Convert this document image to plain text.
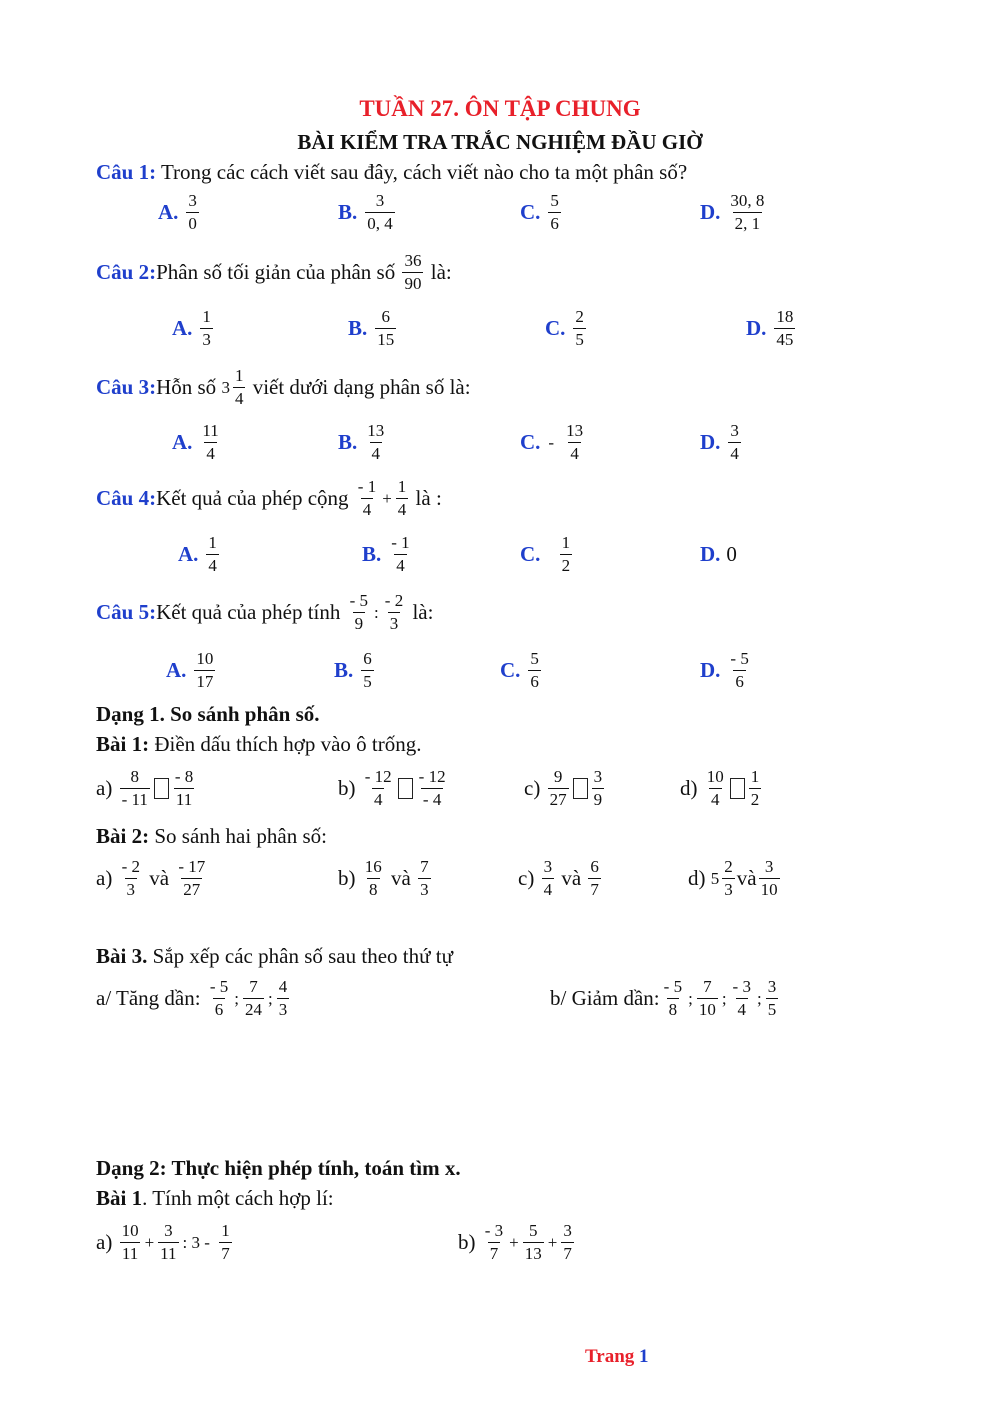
TUẦN 27. ÔN TẬP CHUNG
BÀI KIỂM TRA TRẮC NGHIỆM ĐẦU GIỜ
Câu 1: Trong các cách viết sau đây, cách viết nào cho ta một phân số?
A. $\frac{3}{0}$	B. $\frac{3}{0, 4}$	C. $\frac{5}{6}$	D. $\frac{30, 8}{2, 1}$
Câu 2: Phân số tối giản của phân số
$\frac{36}{90}$
là:
A. $\frac{1}{3}$	B. $\frac{6}{15}$	C. $\frac{2}{5}$	D. $\frac{18}{45}$
Câu 3: Hỗn số
$3 \frac{1}{4}$
viết dưới dạng phân số là:
A. $\frac{11}{4}$	B. $\frac{13}{4}$	C. - $\frac{13}{4}$	D. $\frac{3}{4}$
Câu 4: Kết quả của phép cộng
$\frac{- 1}{4} + \frac{1}{4}$
là :
A. $\frac{1}{4}$	B. $\frac{- 1}{4}$	C.
$\frac{1}{2}$	D. 0
Câu 5: Kết quả của phép tính
$\frac{- 5}{9}$ : $\frac{- 2}{3}$
là:
A. $\frac{10}{17}$	B. $\frac{6}{5}$	C. $\frac{5}{6}$	D. $\frac{- 5}{6}$
Dạng 1. So sánh phân số.
Bài 1: Điền dấu thích hợp vào ô trống.
a)
$\frac{8}{- 11} \frac{- 8}{11}$	b)
$\frac{- 12}{4} \frac{- 12}{- 4}$	c)
$\frac{9}{27} \frac{3}{9}$	d)
$\frac{10}{4} \frac{1}{2}$
Bài 2: So sánh hai phân số:
a)
$\frac{- 2}{3}$
và
$\frac{- 17}{27}$	b)
$\frac{16}{8}$
và
$\frac{7}{3}$	c)
$\frac{3}{4}$
và
$\frac{6}{7}$	d)
$5 \frac{2}{3}$ và $\frac{3}{10}$
Bài 3. Sắp xếp các phân số sau theo thứ tự
a/ Tăng dần:
$\frac{- 5}{6}$ ; $\frac{7}{24}$ ; $\frac{4}{3}$	b/ Giảm dần: $\frac{- 5}{8}$ ; $\frac{7}{10}$ ; $\frac{- 3}{4}$ ; $\frac{3}{5}$
Dạng 2: Thực hiện phép tính, toán tìm x.
Bài 1. Tính một cách hợp lí:
a)
$\frac{10}{11} + \frac{3}{11}$ : 3 -
$\frac{1}{7}$	b)
$\frac{- 3}{7} + \frac{5}{13} + \frac{3}{7}$
Trang 1
